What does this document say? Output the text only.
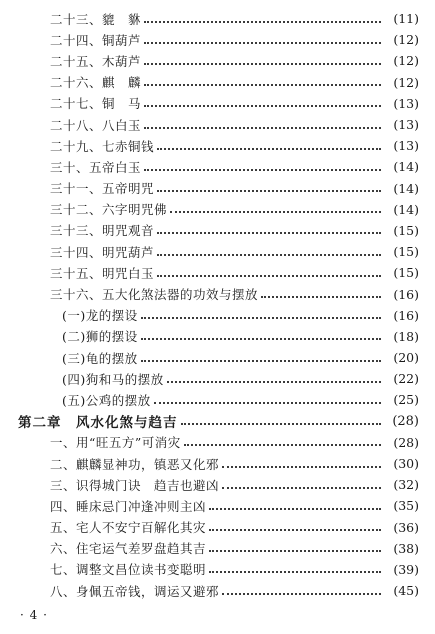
二十三、貔　貅	(11)
二十四、铜葫芦	(12)
二十五、木葫芦	(12)
二十六、麒　麟	(12)
二十七、铜　马	(13)
二十八、八白玉	(13)
二十九、七赤铜钱	(13)
三十、五帝白玉	(14)
三十一、五帝明咒	(14)
三十二、六字明咒佛	(14)
三十三、明咒观音	(15)
三十四、明咒葫芦	(15)
三十五、明咒白玉	(15)
三十六、五大化煞法器的功效与摆放	(16)
(一)龙的摆设	(16)
(二)狮的摆设	(18)
(三)龟的摆放	(20)
(四)狗和马的摆放	(22)
(五)公鸡的摆放	(25)
第二章　风水化煞与趋吉	(28)
一、用“旺五方”可消灾	(28)
二、麒麟显神功，镇恶又化邪	(30)
三、识得城门诀　趋吉也避凶	(32)
四、睡床忌门冲逢冲则主凶	(35)
五、宅人不安宁百解化其灾	(36)
六、住宅运气差罗盘趋其吉	(38)
七、调整文昌位读书变聪明	(39)
八、身佩五帝钱，调运又避邪	(45)
· 4 ·
